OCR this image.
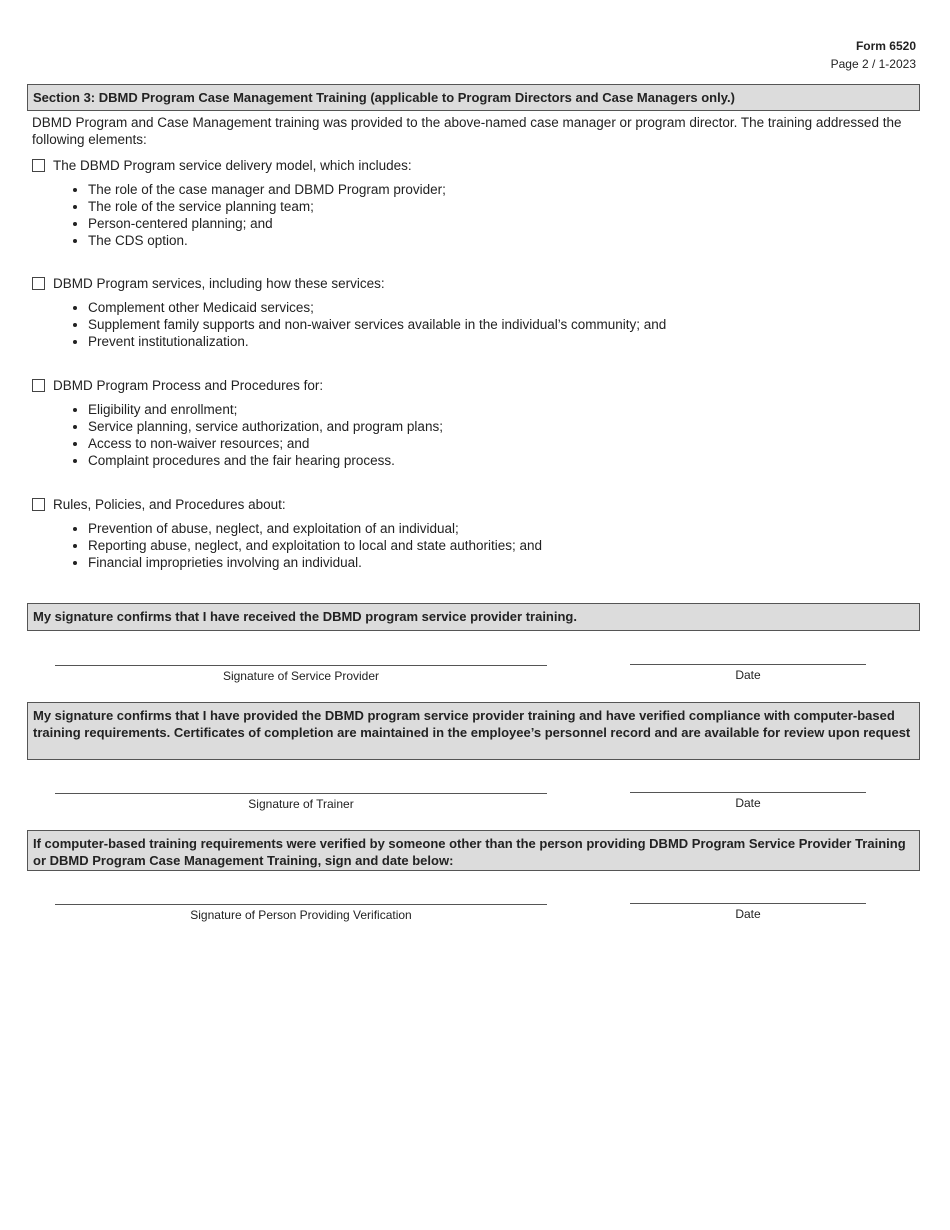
Form 6520
Page 2 / 1-2023
Section 3: DBMD Program Case Management Training (applicable to Program Directors and Case Managers only.)
DBMD Program and Case Management training was provided to the above-named case manager or program director. The training addressed the following elements:
The DBMD Program service delivery model, which includes:
• The role of the case manager and DBMD Program provider;
• The role of the service planning team;
• Person-centered planning; and
• The CDS option.
DBMD Program services, including how these services:
• Complement other Medicaid services;
• Supplement family supports and non-waiver services available in the individual’s community; and
• Prevent institutionalization.
DBMD Program Process and Procedures for:
• Eligibility and enrollment;
• Service planning, service authorization, and program plans;
• Access to non-waiver resources; and
• Complaint procedures and the fair hearing process.
Rules, Policies, and Procedures about:
• Prevention of abuse, neglect, and exploitation of an individual;
• Reporting abuse, neglect, and exploitation to local and state authorities; and
• Financial improprieties involving an individual.
My signature confirms that I have received the DBMD program service provider training.
Signature of Service Provider	Date
My signature confirms that I have provided the DBMD program service provider training and have verified compliance with computer-based training requirements. Certificates of completion are maintained in the employee’s personnel record and are available for review upon request
Signature of Trainer	Date
If computer-based training requirements were verified by someone other than the person providing DBMD Program Service Provider Training or DBMD Program Case Management Training, sign and date below:
Signature of Person Providing Verification	Date
